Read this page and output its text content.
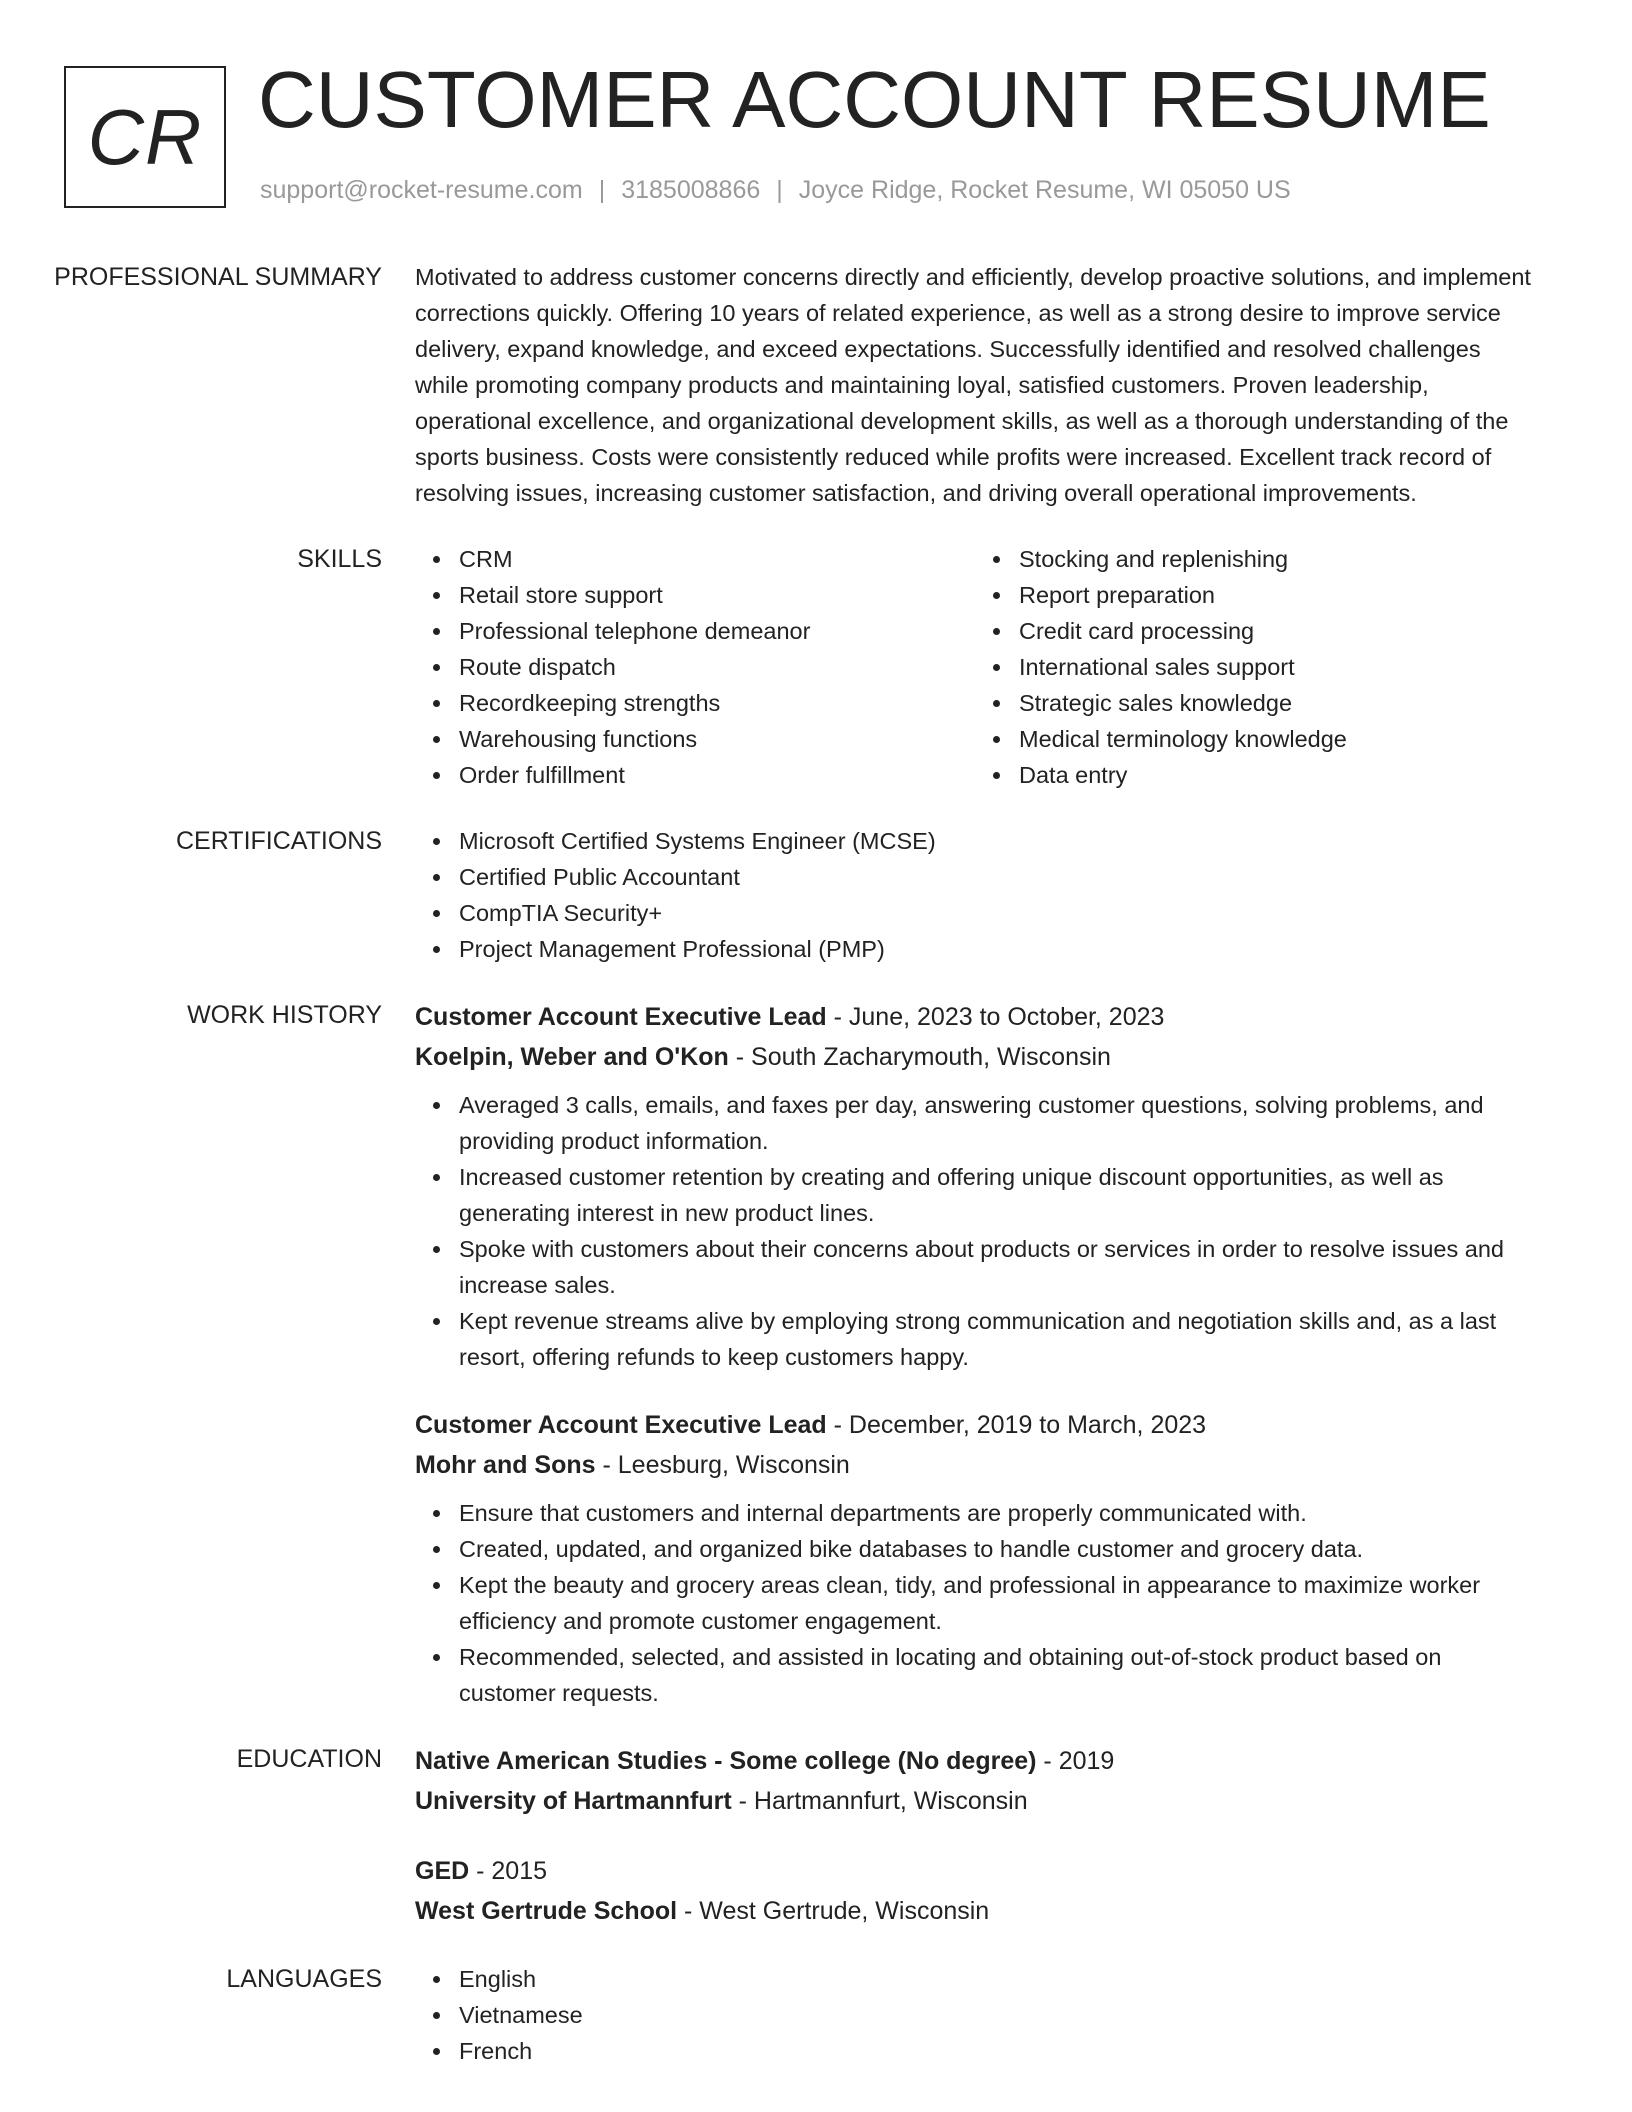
CR CUSTOMER ACCOUNT RESUME
support@rocket-resume.com | 3185008866 | Joyce Ridge, Rocket Resume, WI 05050 US
PROFESSIONAL SUMMARY	Motivated to address customer concerns directly and efficiently, develop proactive solutions, and implement corrections quickly. Offering 10 years of related experience, as well as a strong desire to improve service delivery, expand knowledge, and exceed expectations. Successfully identified and resolved challenges while promoting company products and maintaining loyal, satisfied customers. Proven leadership, operational excellence, and organizational development skills, as well as a thorough understanding of the sports business. Costs were consistently reduced while profits were increased. Excellent track record of resolving issues, increasing customer satisfaction, and driving overall operational improvements.

SKILLS	CRM
Retail store support
Professional telephone demeanor
Route dispatch
Recordkeeping strengths
Warehousing functions
Order fulfillment
Stocking and replenishing
Report preparation
Credit card processing
International sales support
Strategic sales knowledge
Medical terminology knowledge
Data entry
CERTIFICATIONS	Microsoft Certified Systems Engineer (MCSE)
Certified Public Accountant
CompTIA Security+
Project Management Professional (PMP)
WORK HISTORY	Customer Account Executive Lead - June, 2023 to October, 2023
Koelpin, Weber and O'Kon - South Zacharymouth, Wisconsin
Averaged 3 calls, emails, and faxes per day, answering customer questions, solving problems, and providing product information.
Increased customer retention by creating and offering unique discount opportunities, as well as generating interest in new product lines.
Spoke with customers about their concerns about products or services in order to resolve issues and increase sales.
Kept revenue streams alive by employing strong communication and negotiation skills and, as a last resort, offering refunds to keep customers happy.
Customer Account Executive Lead - December, 2019 to March, 2023
Mohr and Sons - Leesburg, Wisconsin
Ensure that customers and internal departments are properly communicated with.
Created, updated, and organized bike databases to handle customer and grocery data.
Kept the beauty and grocery areas clean, tidy, and professional in appearance to maximize worker efficiency and promote customer engagement.
Recommended, selected, and assisted in locating and obtaining out-of-stock product based on customer requests.
EDUCATION	Native American Studies - Some college (No degree) - 2019
University of Hartmannfurt - Hartmannfurt, Wisconsin
GED - 2015
West Gertrude School - West Gertrude, Wisconsin
LANGUAGES	English
Vietnamese
French
